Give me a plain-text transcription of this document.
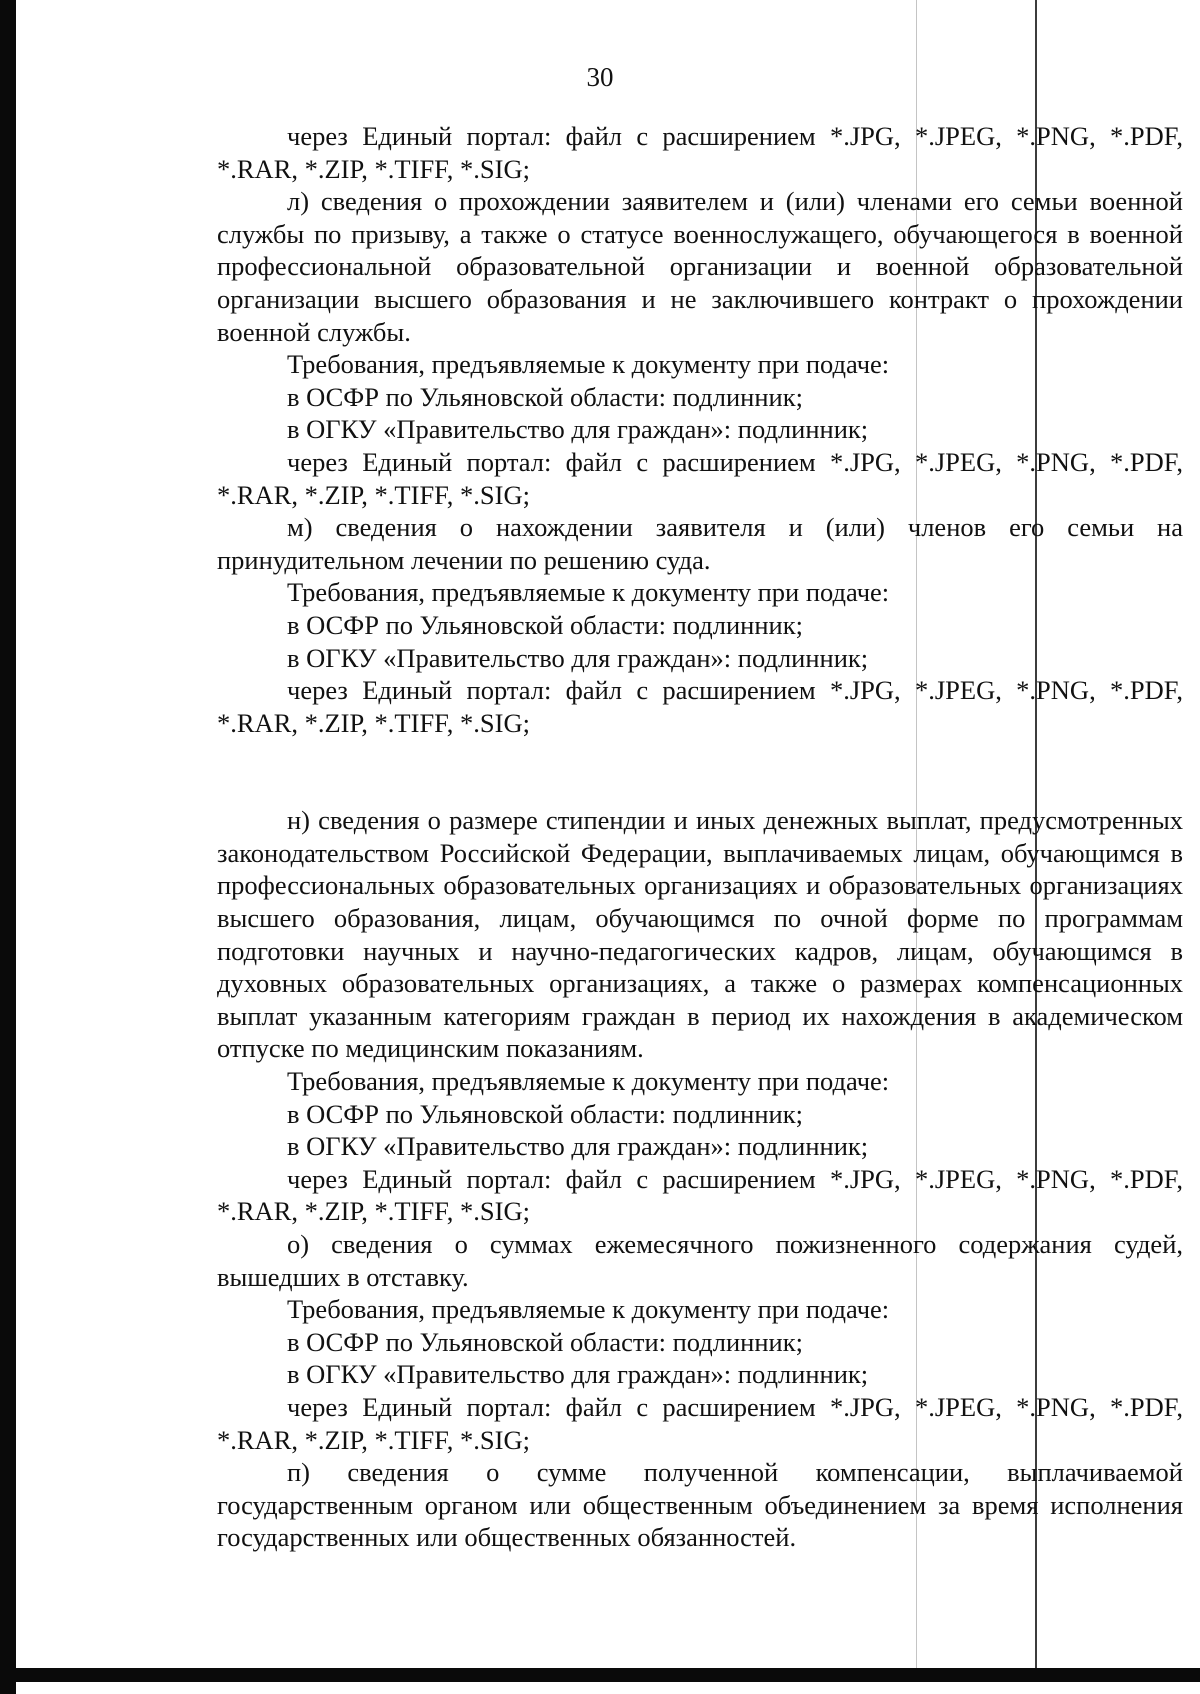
30

через Единый портал: файл с расширением *.JPG, *.JPEG, *.PNG, *.PDF, *.RAR, *.ZIP, *.TIFF, *.SIG;

л) сведения о прохождении заявителем и (или) членами его семьи военной службы по призыву, а также о статусе военнослужащего, обучающегося в военной профессиональной образовательной организации и военной образовательной организации высшего образования и не заключившего контракт о прохождении военной службы.

Требования, предъявляемые к документу при подаче:

в ОСФР по Ульяновской области: подлинник;

в ОГКУ «Правительство для граждан»: подлинник;

через Единый портал: файл с расширением *.JPG, *.JPEG, *.PNG, *.PDF, *.RAR, *.ZIP, *.TIFF, *.SIG;

м) сведения о нахождении заявителя и (или) членов его семьи на принудительном лечении по решению суда.

Требования, предъявляемые к документу при подаче:

в ОСФР по Ульяновской области: подлинник;

в ОГКУ «Правительство для граждан»: подлинник;

через Единый портал: файл с расширением *.JPG, *.JPEG, *.PNG, *.PDF, *.RAR, *.ZIP, *.TIFF, *.SIG;

н) сведения о размере стипендии и иных денежных выплат, предусмотренных законодательством Российской Федерации, выплачиваемых лицам, обучающимся в профессиональных образовательных организациях и образовательных организациях высшего образования, лицам, обучающимся по очной форме по программам подготовки научных и научно-педагогических кадров, лицам, обучающимся в духовных образовательных организациях, а также о размерах компенсационных выплат указанным категориям граждан в период их нахождения в академическом отпуске по медицинским показаниям.

Требования, предъявляемые к документу при подаче:

в ОСФР по Ульяновской области: подлинник;

в ОГКУ «Правительство для граждан»: подлинник;

через Единый портал: файл с расширением *.JPG, *.JPEG, *.PNG, *.PDF, *.RAR, *.ZIP, *.TIFF, *.SIG;

о) сведения о суммах ежемесячного пожизненного содержания судей, вышедших в отставку.

Требования, предъявляемые к документу при подаче:

в ОСФР по Ульяновской области: подлинник;

в ОГКУ «Правительство для граждан»: подлинник;

через Единый портал: файл с расширением *.JPG, *.JPEG, *.PNG, *.PDF, *.RAR, *.ZIP, *.TIFF, *.SIG;

п) сведения о сумме полученной компенсации, выплачиваемой государственным органом или общественным объединением за время исполнения государственных или общественных обязанностей.
